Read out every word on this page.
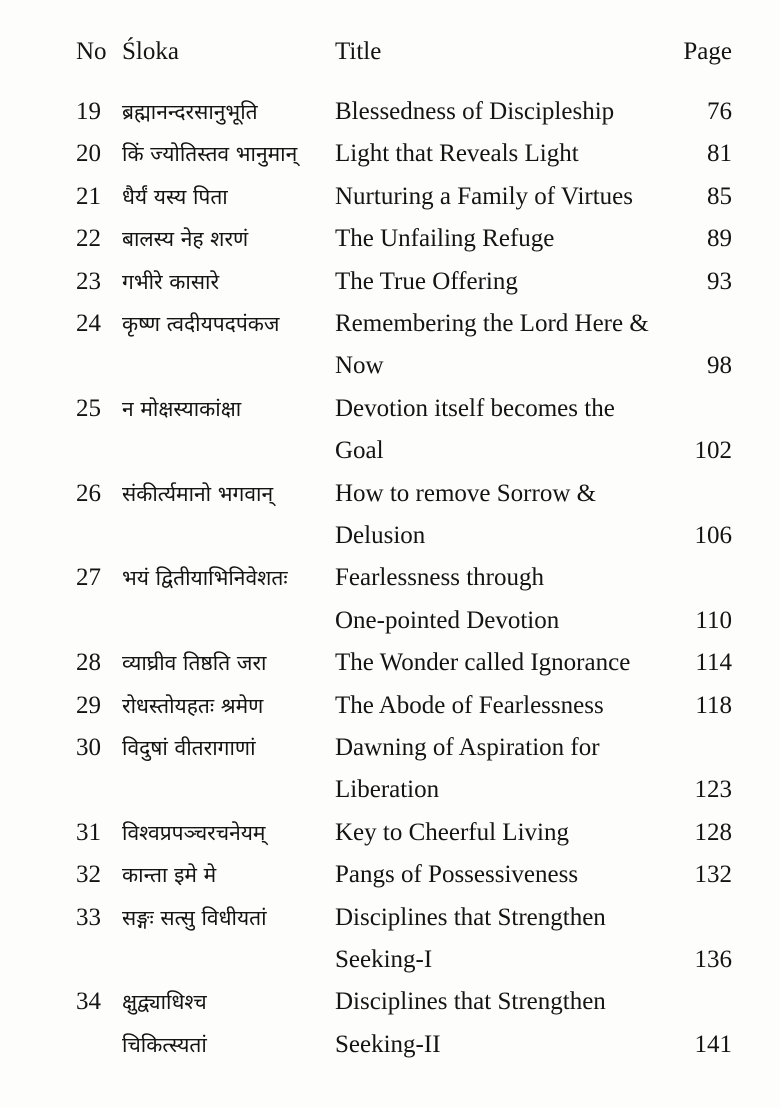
No Śloka	Title	Page
19 ब्रह्मानन्दरसानुभूति	Blessedness of Discipleship	76
20 किं ज्योतिस्तव भानुमान् Light that Reveals Light	81
21 धैर्यं यस्य पिता	Nurturing a Family of Virtues	85
22 बालस्य नेह शरणं	The Unfailing Refuge	89
23 गभीरे कासारे	The True Offering	93
24 कृष्ण त्वदीयपदपंकज Remembering the Lord Here &
Now	98
25 न मोक्षस्याकांक्षा	Devotion itself becomes the
Goal	102
26 संकीर्त्यमानो भगवान् How to remove Sorrow &
Delusion	106
27 भयं द्वितीयाभिनिवेशतः Fearlessness through
One-pointed Devotion	110
28 व्याघ्रीव तिष्ठति जरा	The Wonder called Ignorance	114
29 रोधस्तोयहतः श्रमेण	The Abode of Fearlessness	118
30 विदुषां वीतरागाणां	Dawning of Aspiration for
Liberation	123
31 विश्वप्रपञ्चरचनेयम्	Key to Cheerful Living	128
32 कान्ता इमे मे	Pangs of Possessiveness	132
33 सङ्गः सत्सु विधीयतां	Disciplines that Strengthen
Seeking-I	136
34 क्षुद्व्याधिश्च	Disciplines that Strengthen
चिकित्स्यतां	Seeking-II	141
